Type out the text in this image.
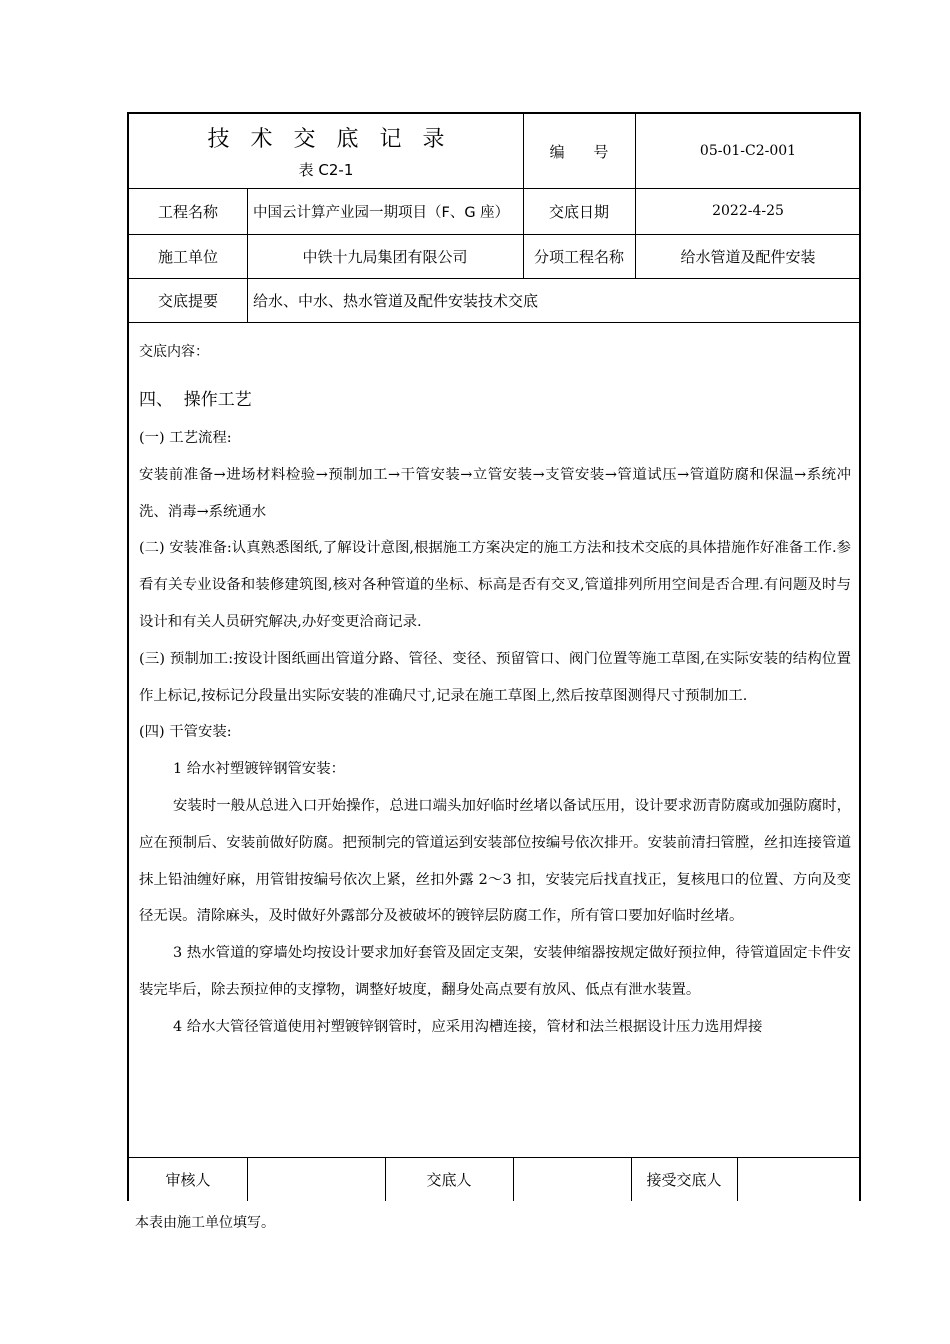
技术交底记录
表 C2-1
编 号	05-01-C2-001
工程名称	中国云计算产业园一期项目（F、G 座）	交底日期	2022-4-25
施工单位	中铁十九局集团有限公司	分项工程名称	给水管道及配件安装
交底提要	给水、中水、热水管道及配件安装技术交底
交底内容：
四、  操作工艺

(一) 工艺流程:

安装前准备→进场材料检验→预制加工→干管安装→立管安装→支管安装→管道试压→管道防腐和保温→系统冲洗、消毒→系统通水

(二) 安装准备:认真熟悉图纸,了解设计意图,根据施工方案决定的施工方法和技术交底的具体措施作好准备工作.参看有关专业设备和装修建筑图,核对各种管道的坐标、标高是否有交叉,管道排列所用空间是否合理.有问题及时与设计和有关人员研究解决,办好变更洽商记录.

(三) 预制加工:按设计图纸画出管道分路、管径、变径、预留管口、阀门位置等施工草图,在实际安装的结构位置作上标记,按标记分段量出实际安装的准确尺寸,记录在施工草图上,然后按草图测得尺寸预制加工.

(四) 干管安装:

1 给水衬塑镀锌钢管安装：

安装时一般从总进入口开始操作，总进口端头加好临时丝堵以备试压用，设计要求沥青防腐或加强防腐时，应在预制后、安装前做好防腐。把预制完的管道运到安装部位按编号依次排开。安装前清扫管膛，丝扣连接管道抹上铅油缠好麻，用管钳按编号依次上紧，丝扣外露 2～3 扣，安装完后找直找正，复核甩口的位置、方向及变径无误。清除麻头，及时做好外露部分及被破坏的镀锌层防腐工作，所有管口要加好临时丝堵。

3 热水管道的穿墙处均按设计要求加好套管及固定支架，安装伸缩器按规定做好预拉伸，待管道固定卡件安装完毕后，除去预拉伸的支撑物，调整好坡度，翻身处高点要有放风、低点有泄水装置。

4 给水大管径管道使用衬塑镀锌钢管时，应采用沟槽连接，管材和法兰根据设计压力选用焊接

审核人	交底人	接受交底人
本表由施工单位填写。
